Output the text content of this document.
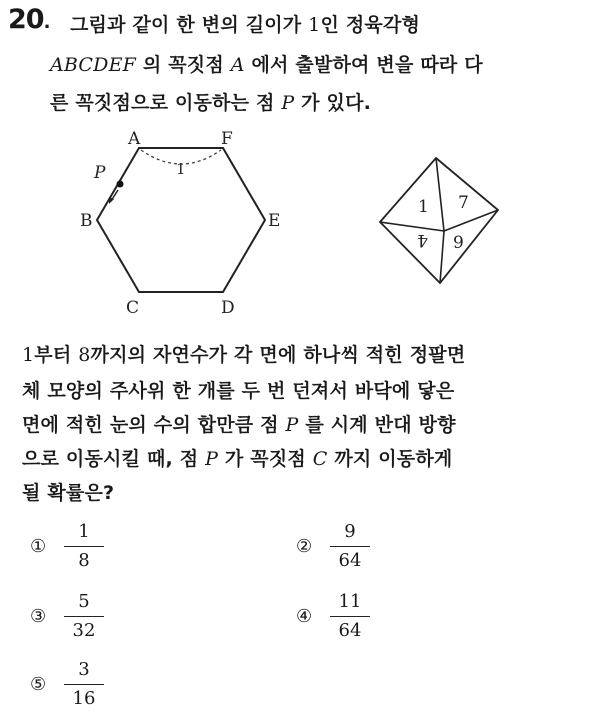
20. 그림과 같이 한 변의 길이가 1인 정육각형
ABCDEF 의 꼭짓점 A 에서 출발하여 변을 따라 다
른 꼭짓점으로 이동하는 점 P 가 있다.
A	F
E
D
C
B
P	1
1 7
4 9
1부터 8까지의 자연수가 각 면에 하나씩 적힌 정팔면
체 모양의 주사위 한 개를 두 번 던져서 바닥에 닿은
면에 적힌 눈의 수의 합만큼 점 P 를 시계 반대 방향
으로 이동시킬 때, 점 P 가 꼭짓점 C 까지 이동하게
될 확률은?
①
1
8
②
9
64
③
5
32
④
11
64
⑤
3
16
